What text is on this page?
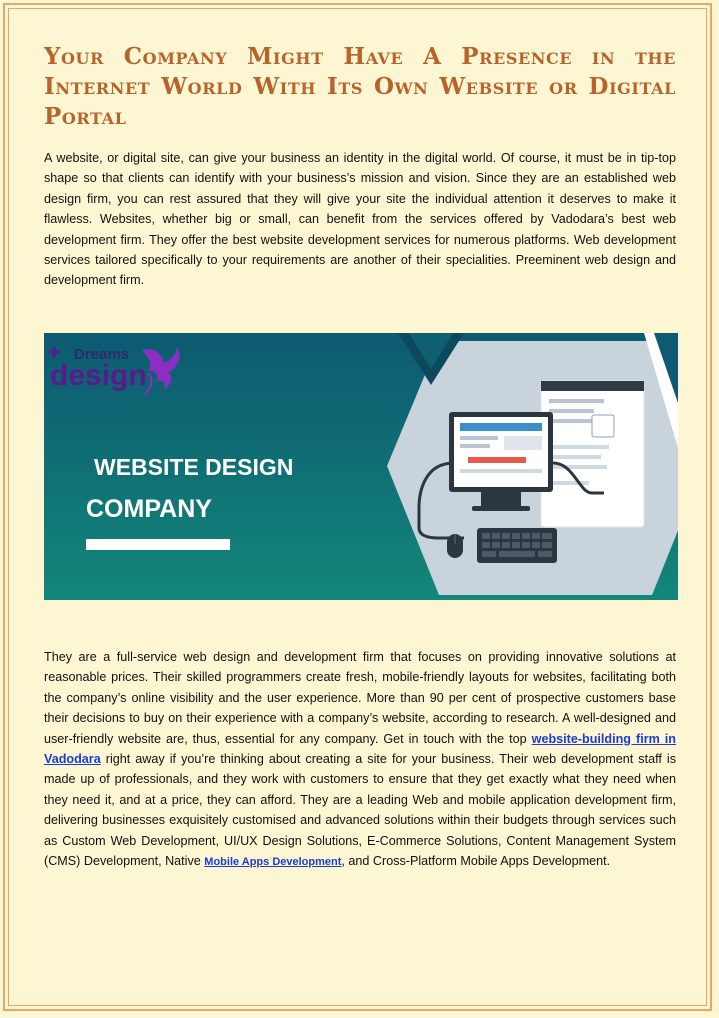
Your Company Might Have A Presence in the Internet World With Its Own Website or Digital Portal

A website, or digital site, can give your business an identity in the digital world. Of course, it must be in tip-top shape so that clients can identify with your business’s mission and vision. Since they are an established web design firm, you can rest assured that they will give your site the individual attention it deserves to make it flawless. Websites, whether big or small, can benefit from the services offered by Vadodara’s best web development firm. They offer the best website development services for numerous platforms. Web development services tailored specifically to your requirements are another of their specialities. Preeminent web design and development firm.

Dreams
design
WEBSITE DESIGN
COMPANY

They are a full-service web design and development firm that focuses on providing innovative solutions at reasonable prices. Their skilled programmers create fresh, mobile-friendly layouts for websites, facilitating both the company’s online visibility and the user experience. More than 90 per cent of prospective customers base their decisions to buy on their experience with a company’s website, according to research. A well-designed and user-friendly website are, thus, essential for any company. Get in touch with the top website-building firm in Vadodara right away if you’re thinking about creating a site for your business. Their web development staff is made up of professionals, and they work with customers to ensure that they get exactly what they need when they need it, and at a price, they can afford. They are a leading Web and mobile application development firm, delivering businesses exquisitely customised and advanced solutions within their budgets through services such as Custom Web Development, UI/UX Design Solutions, E-Commerce Solutions, Content Management System (CMS) Development, Native Mobile Apps Development, and Cross-Platform Mobile Apps Development.
